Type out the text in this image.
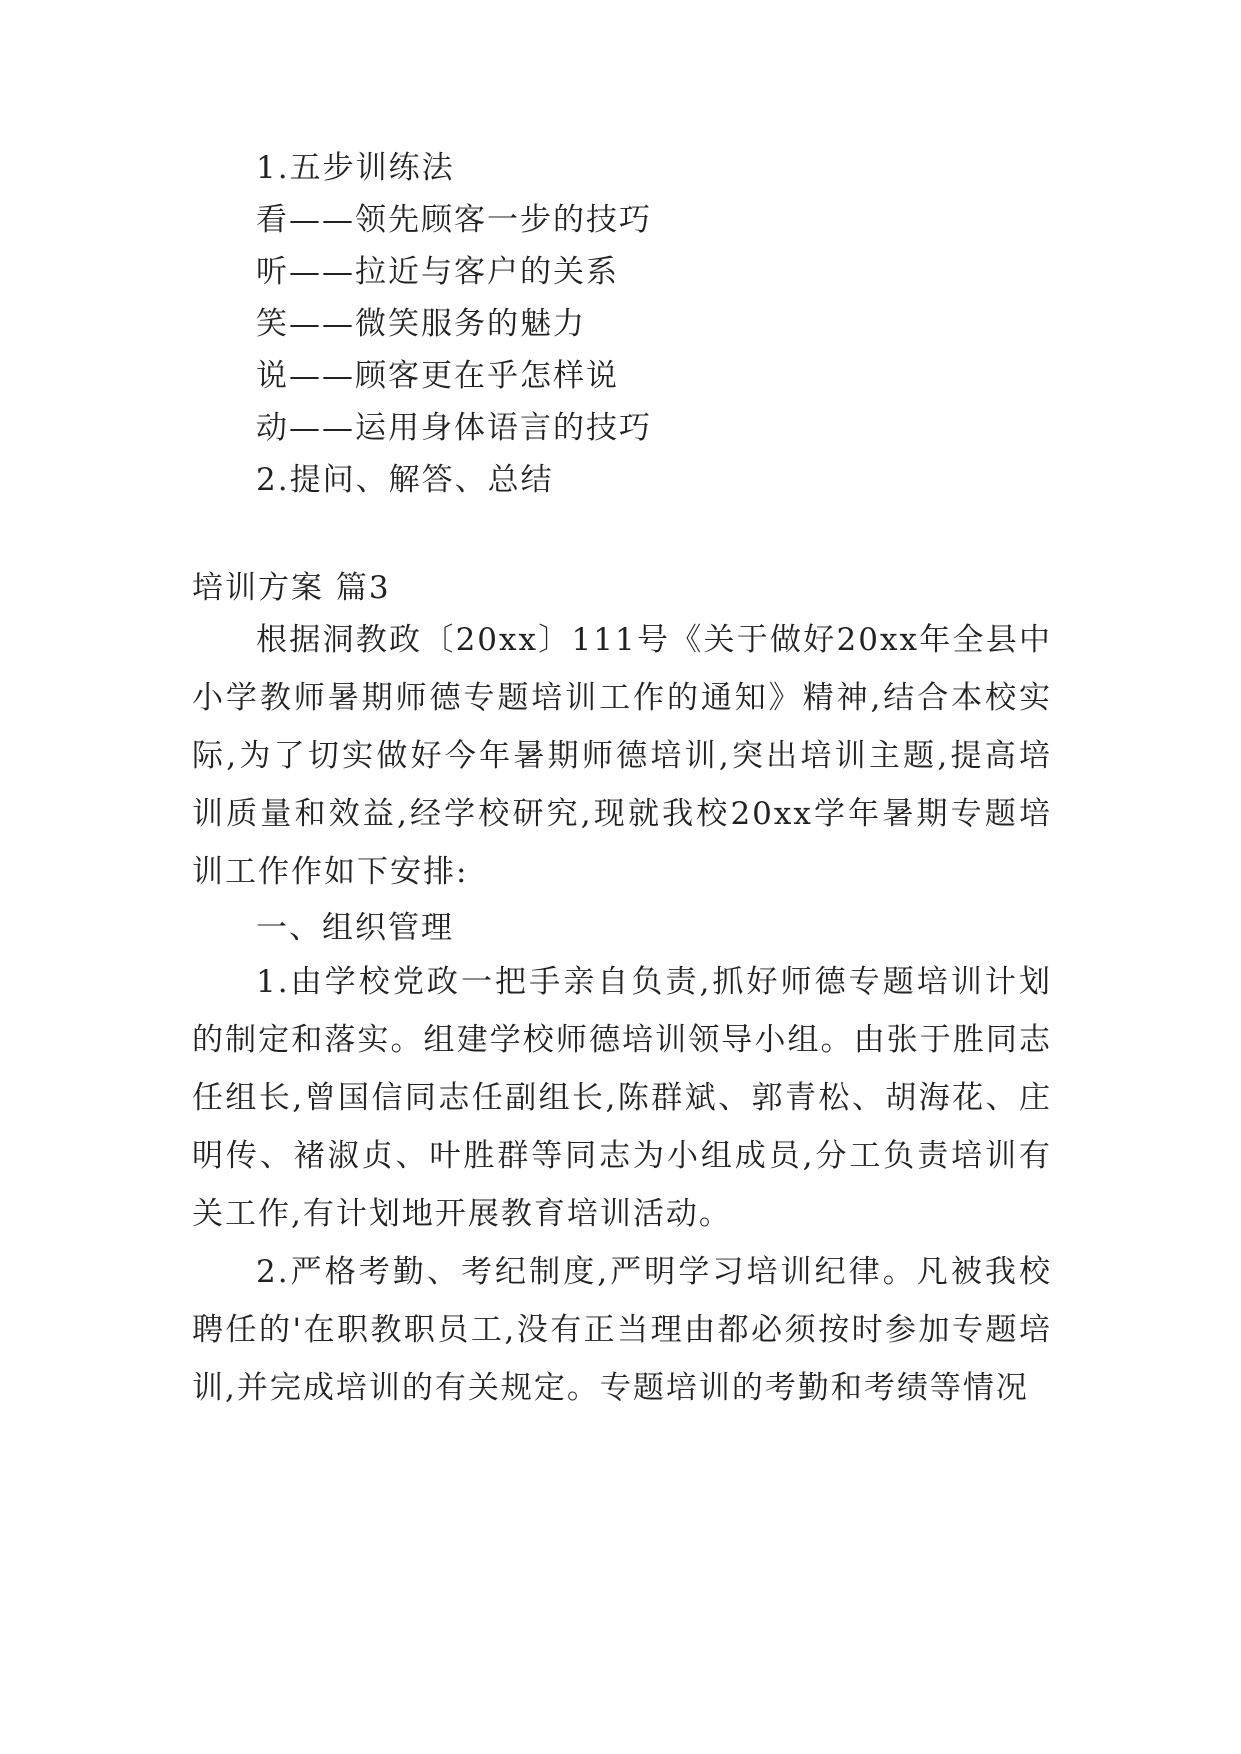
1.五步训练法
看——领先顾客一步的技巧
听——拉近与客户的关系
笑——微笑服务的魅力
说——顾客更在乎怎样说
动——运用身体语言的技巧
2.提问、解答、总结
培训方案 篇3
根据洞教政〔20xx〕111号《关于做好20xx年全县中小学教师暑期师德专题培训工作的通知》精神,结合本校实际,为了切实做好今年暑期师德培训,突出培训主题,提高培训质量和效益,经学校研究,现就我校20xx学年暑期专题培训工作作如下安排:
一、组织管理
1.由学校党政一把手亲自负责,抓好师德专题培训计划的制定和落实。组建学校师德培训领导小组。由张于胜同志任组长,曾国信同志任副组长,陈群斌、郭青松、胡海花、庄明传、褚淑贞、叶胜群等同志为小组成员,分工负责培训有关工作,有计划地开展教育培训活动。
2.严格考勤、考纪制度,严明学习培训纪律。凡被我校聘任的'在职教职员工,没有正当理由都必须按时参加专题培训,并完成培训的有关规定。专题培训的考勤和考绩等情况
